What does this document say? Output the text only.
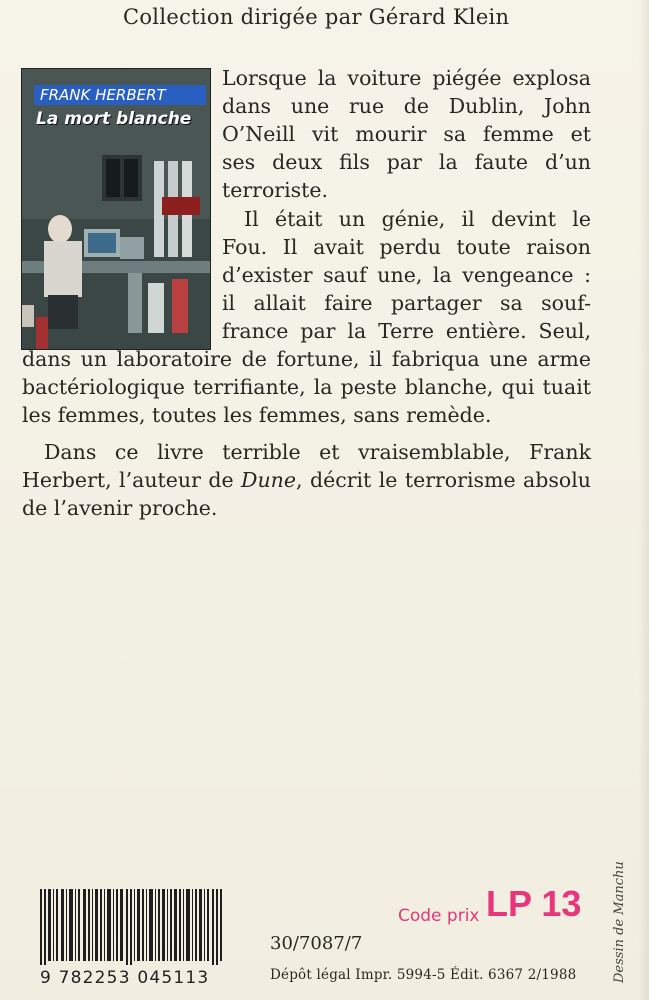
Collection dirigée par Gérard Klein
FRANK HERBERT
La mort blanche

Lorsque la voiture piégée explosa
dans une rue de Dublin, John
O’Neill vit mourir sa femme et
ses deux fils par la faute d’un
terroriste.

Il était un génie, il devint le
Fou. Il avait perdu toute raison
d’exister sauf une, la vengeance :
il allait faire partager sa souf-
france par la Terre entière. Seul,

dans un laboratoire de fortune, il fabriqua une arme
bactériologique terrifiante, la peste blanche, qui tuait
les femmes, toutes les femmes, sans remède.

Dans ce livre terrible et vraisemblable, Frank
Herbert, l’auteur de Dune, décrit le terrorisme absolu
de l’avenir proche.

Dessin de Manchu
9 782253 045113
Code prix LP 13
30/7087/7
Dépôt légal Impr. 5994-5 Édit. 6367 2/1988
